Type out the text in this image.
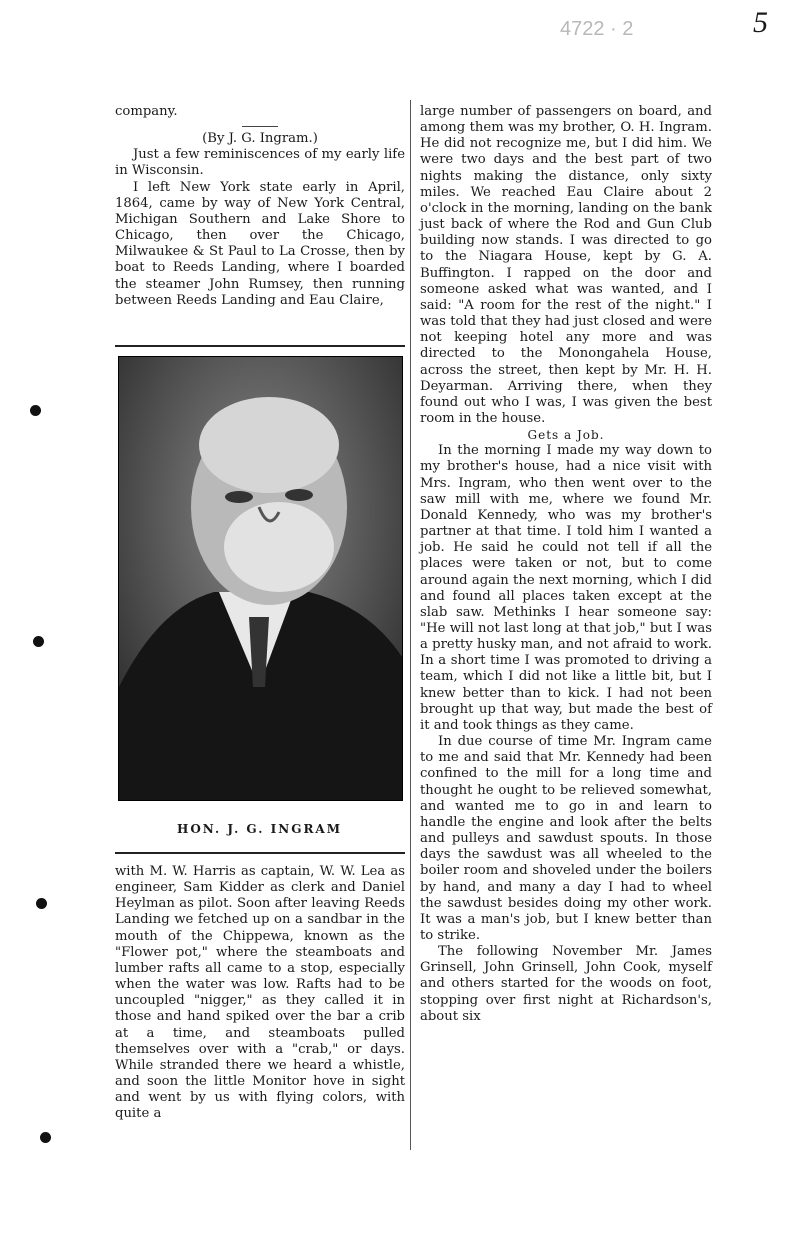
5
4722 · 2

company.

(By J. G. Ingram.)

Just a few reminiscences of my early life in Wisconsin.

I left New York state early in April, 1864, came by way of New York Central, Michigan Southern and Lake Shore to Chicago, then over the Chicago, Milwaukee & St Paul to La Crosse, then by boat to Reeds Landing, where I boarded the steamer John Rumsey, then running between Reeds Landing and Eau Claire,

HON. J. G. INGRAM

with M. W. Harris as captain, W. W. Lea as engineer, Sam Kidder as clerk and Daniel Heylman as pilot. Soon after leaving Reeds Landing we fetched up on a sandbar in the mouth of the Chippewa, known as the "Flower pot," where the steamboats and lumber rafts all came to a stop, especially when the water was low. Rafts had to be uncoupled "nigger," as they called it in those and hand spiked over the bar a crib at a time, and steamboats pulled themselves over with a "crab," or days. While stranded there we heard a whistle, and soon the little Monitor hove in sight and went by us with flying colors, with quite a

large number of passengers on board, and among them was my brother, O. H. Ingram. He did not recognize me, but I did him. We were two days and the best part of two nights making the distance, only sixty miles. We reached Eau Claire about 2 o'clock in the morning, landing on the bank just back of where the Rod and Gun Club building now stands. I was directed to go to the Niagara House, kept by G. A. Buffington. I rapped on the door and someone asked what was wanted, and I said: "A room for the rest of the night." I was told that they had just closed and were not keeping hotel any more and was directed to the Monongahela House, across the street, then kept by Mr. H. H. Deyarman. Arriving there, when they found out who I was, I was given the best room in the house.

Gets a Job.

In the morning I made my way down to my brother's house, had a nice visit with Mrs. Ingram, who then went over to the saw mill with me, where we found Mr. Donald Kennedy, who was my brother's partner at that time. I told him I wanted a job. He said he could not tell if all the places were taken or not, but to come around again the next morning, which I did and found all places taken except at the slab saw. Methinks I hear someone say: "He will not last long at that job," but I was a pretty husky man, and not afraid to work. In a short time I was promoted to driving a team, which I did not like a little bit, but I knew better than to kick. I had not been brought up that way, but made the best of it and took things as they came.

In due course of time Mr. Ingram came to me and said that Mr. Kennedy had been confined to the mill for a long time and thought he ought to be relieved somewhat, and wanted me to go in and learn to handle the engine and look after the belts and pulleys and sawdust spouts. In those days the sawdust was all wheeled to the boiler room and shoveled under the boilers by hand, and many a day I had to wheel the sawdust besides doing my other work. It was a man's job, but I knew better than to strike.

The following November Mr. James Grinsell, John Grinsell, John Cook, myself and others started for the woods on foot, stopping over first night at Richardson's, about six
